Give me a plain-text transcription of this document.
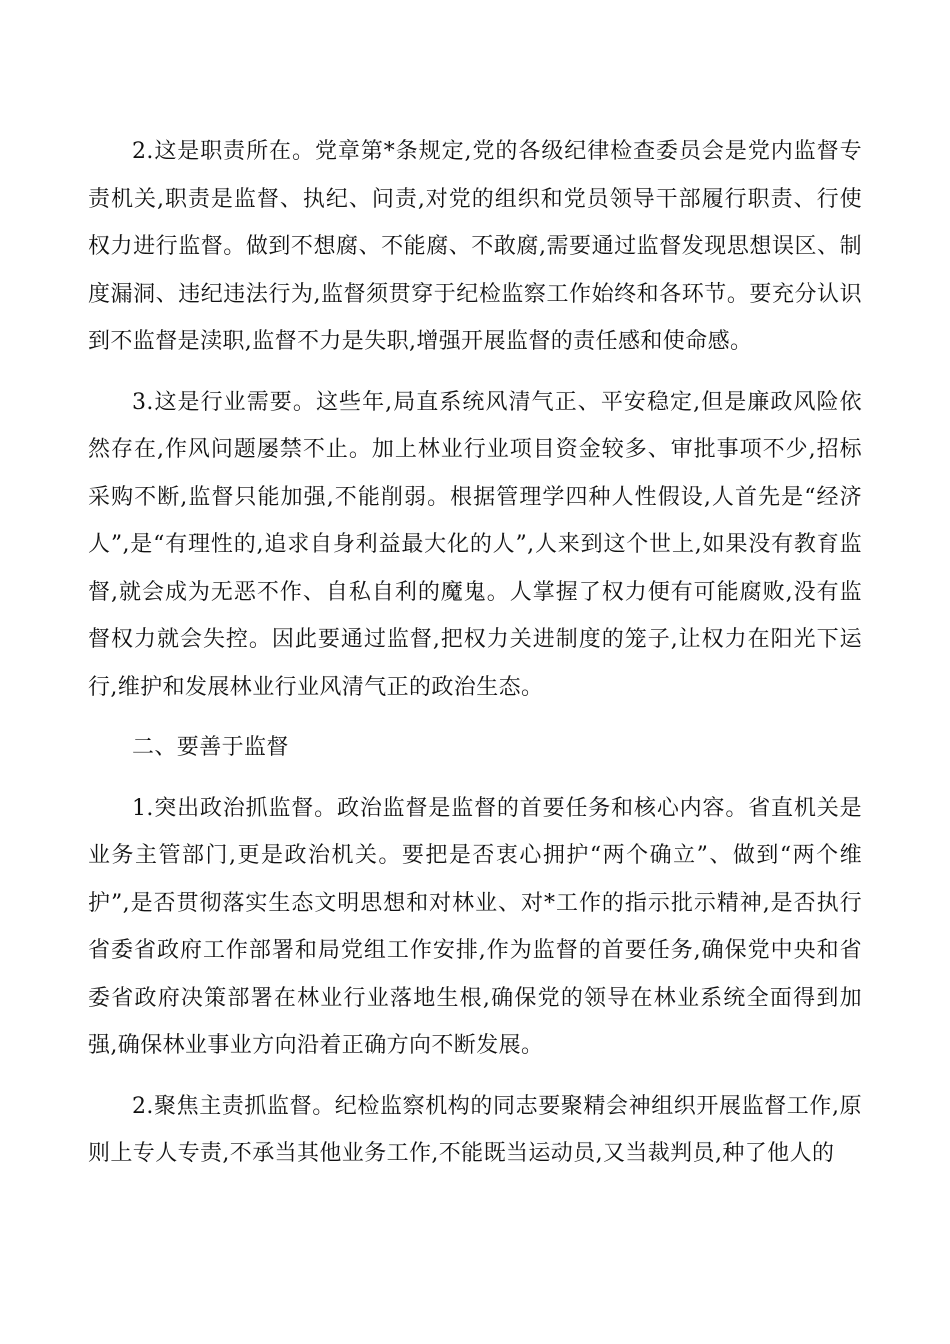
2.这是职责所在。党章第*条规定,党的各级纪律检查委员会是党内监督专责机关,职责是监督、执纪、问责,对党的组织和党员领导干部履行职责、行使权力进行监督。做到不想腐、不能腐、不敢腐,需要通过监督发现思想误区、制度漏洞、违纪违法行为,监督须贯穿于纪检监察工作始终和各环节。要充分认识到不监督是渎职,监督不力是失职,增强开展监督的责任感和使命感。

3.这是行业需要。这些年,局直系统风清气正、平安稳定,但是廉政风险依然存在,作风问题屡禁不止。加上林业行业项目资金较多、审批事项不少,招标采购不断,监督只能加强,不能削弱。根据管理学四种人性假设,人首先是“经济人”,是“有理性的,追求自身利益最大化的人”,人来到这个世上,如果没有教育监督,就会成为无恶不作、自私自利的魔鬼。人掌握了权力便有可能腐败,没有监督权力就会失控。因此要通过监督,把权力关进制度的笼子,让权力在阳光下运行,维护和发展林业行业风清气正的政治生态。

二、要善于监督

1.突出政治抓监督。政治监督是监督的首要任务和核心内容。省直机关是业务主管部门,更是政治机关。要把是否衷心拥护“两个确立”、做到“两个维护”,是否贯彻落实生态文明思想和对林业、对*工作的指示批示精神,是否执行省委省政府工作部署和局党组工作安排,作为监督的首要任务,确保党中央和省委省政府决策部署在林业行业落地生根,确保党的领导在林业系统全面得到加强,确保林业事业方向沿着正确方向不断发展。

2.聚焦主责抓监督。纪检监察机构的同志要聚精会神组织开展监督工作,原则上专人专责,不承当其他业务工作,不能既当运动员,又当裁判员,种了他人的
